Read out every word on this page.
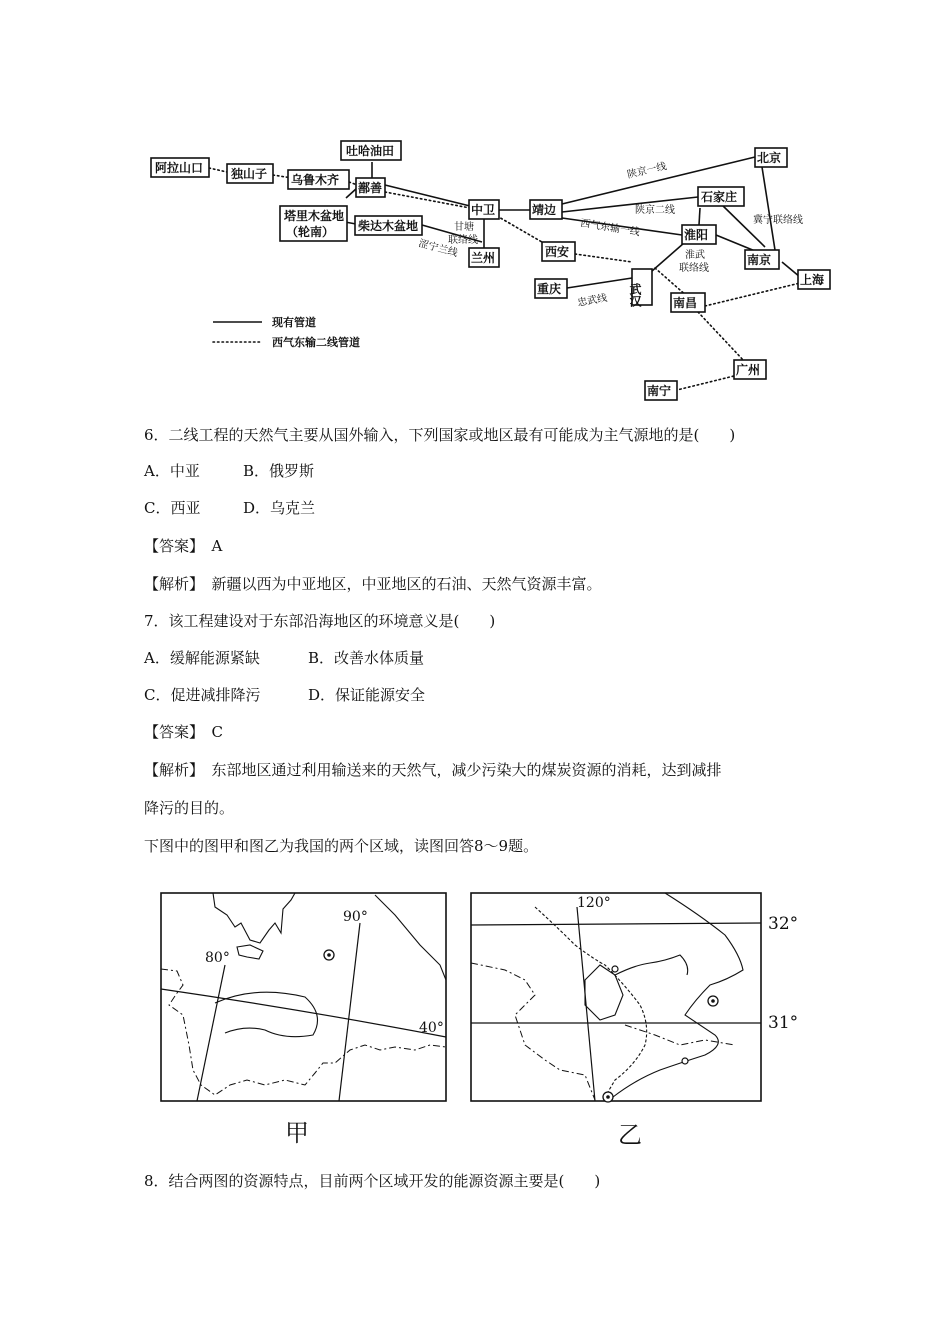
阿拉山口 独山子
吐哈油田
乌鲁木齐
鄯善
塔里木盆地
（轮南） 柴达木盆地
中卫
兰州
靖边
西安
北京
石家庄
淮阳
南京
上海
重庆	武汉	南昌
广州
南宁
陕京一线
陕京二线
西气东输一线	冀宁联络线
甘塘
联络线
淮武
联络线
涩宁兰线
忠武线
现有管道
西气东输二线管道
6．二线工程的天然气主要从国外输入，下列国家或地区最有可能成为主气源地的是(　　)
A．中亚	B．俄罗斯
C．西亚	D．乌克兰
【答案】　A
【解析】　新疆以西为中亚地区，中亚地区的石油、天然气资源丰富。
7．该工程建设对于东部沿海地区的环境意义是(　　)
A．缓解能源紧缺	B．改善水体质量
C．促进减排降污	D．保证能源安全
【答案】　C
【解析】　东部地区通过利用输送来的天然气，减少污染大的煤炭资源的消耗，达到减排
降污的目的。
下图中的图甲和图乙为我国的两个区域，读图回答8～9题。
80°
90°
40°
120°
32°
31°
甲	乙
8．结合两图的资源特点，目前两个区域开发的能源资源主要是(　　)
